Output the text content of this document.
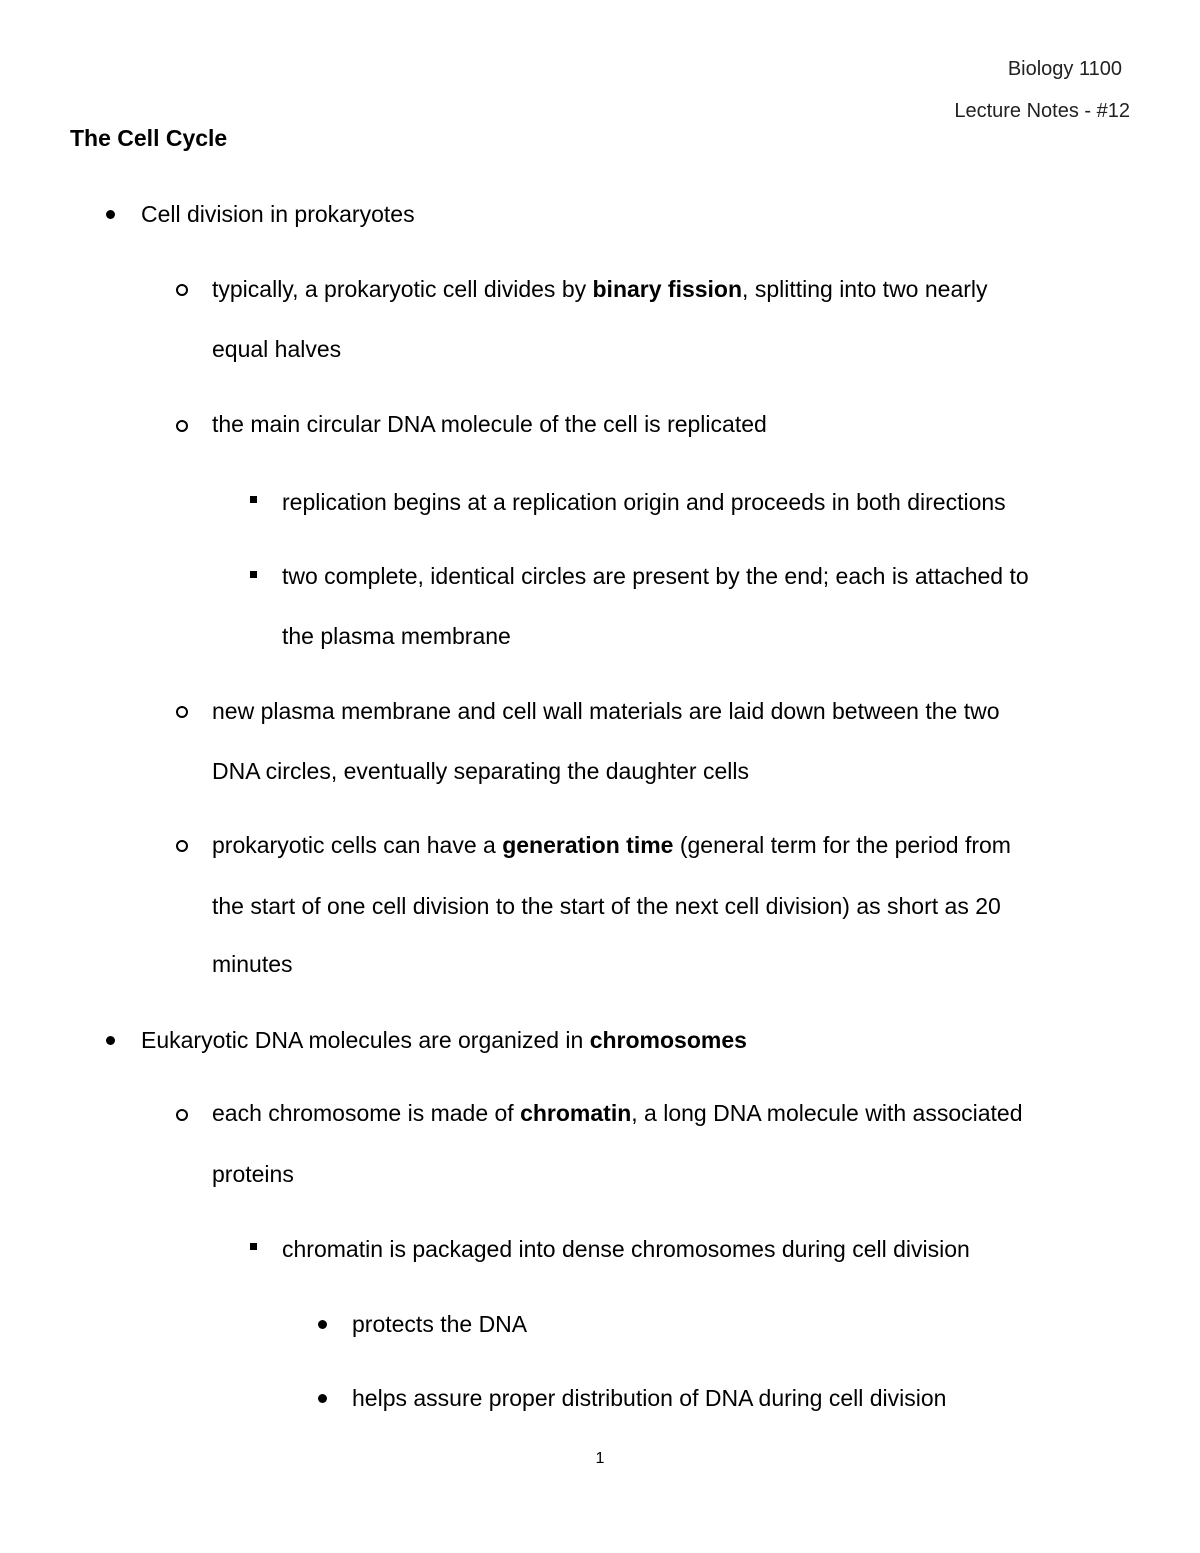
Biology 1100
Lecture Notes - #12
The Cell Cycle
Cell division in prokaryotes
typically, a prokaryotic cell divides by binary fission, splitting into two nearly
equal halves
the main circular DNA molecule of the cell is replicated
replication begins at a replication origin and proceeds in both directions
two complete, identical circles are present by the end; each is attached to
the plasma membrane
new plasma membrane and cell wall materials are laid down between the two
DNA circles, eventually separating the daughter cells
prokaryotic cells can have a generation time (general term for the period from
the start of one cell division to the start of the next cell division) as short as 20
minutes
Eukaryotic DNA molecules are organized in chromosomes
each chromosome is made of chromatin, a long DNA molecule with associated
proteins
chromatin is packaged into dense chromosomes during cell division
protects the DNA
helps assure proper distribution of DNA during cell division
1
